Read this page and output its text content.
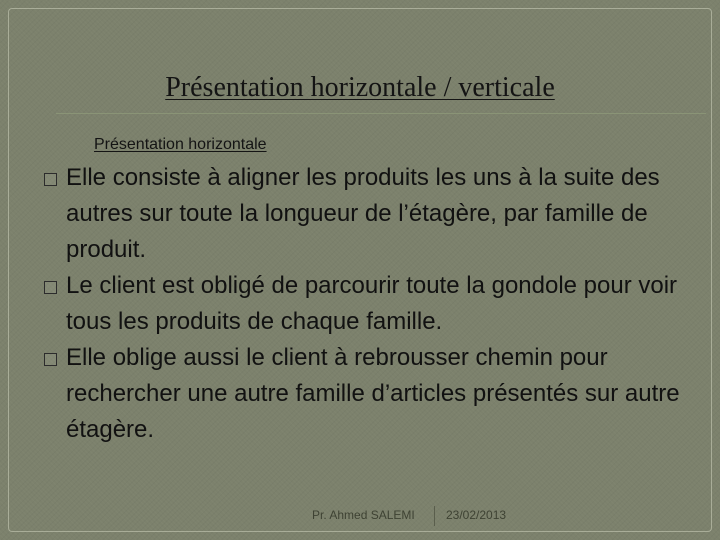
Présentation horizontale / verticale
Présentation horizontale
Elle consiste à aligner les produits les uns à la suite des autres sur toute la longueur de l’étagère, par famille de produit.
Le client est obligé de parcourir toute la gondole pour voir tous les produits de chaque famille.
Elle oblige aussi le client à rebrousser chemin pour rechercher une autre famille d’articles présentés sur autre étagère.
Pr. Ahmed SALEMI	23/02/2013
